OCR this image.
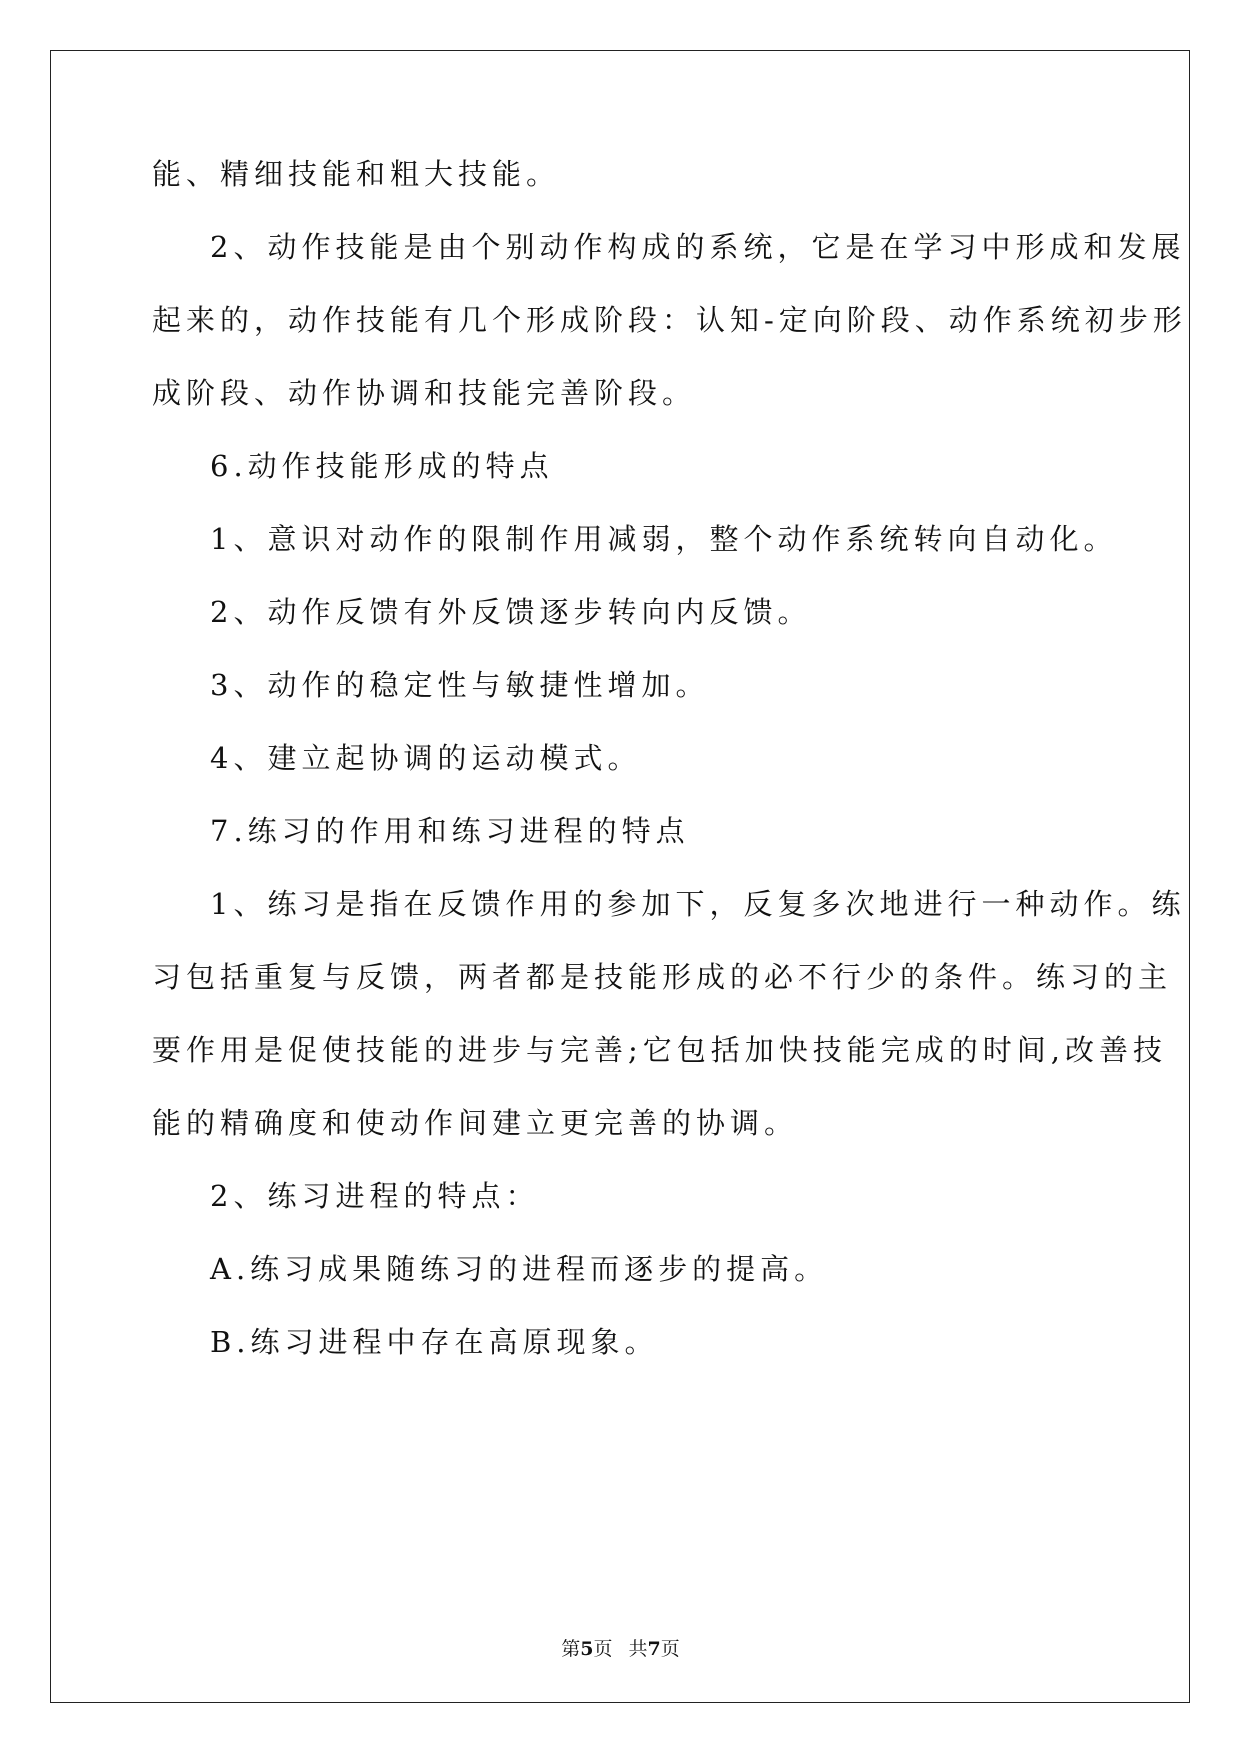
能、精细技能和粗大技能。
2、动作技能是由个别动作构成的系统，它是在学习中形成和发展
起来的，动作技能有几个形成阶段：认知-定向阶段、动作系统初步形
成阶段、动作协调和技能完善阶段。
6.动作技能形成的特点
1、意识对动作的限制作用减弱，整个动作系统转向自动化。
2、动作反馈有外反馈逐步转向内反馈。
3、动作的稳定性与敏捷性增加。
4、建立起协调的运动模式。
7.练习的作用和练习进程的特点
1、练习是指在反馈作用的参加下，反复多次地进行一种动作。练
习包括重复与反馈，两者都是技能形成的必不行少的条件。练习的主
要作用是促使技能的进步与完善;它包括加快技能完成的时间,改善技
能的精确度和使动作间建立更完善的协调。
2、练习进程的特点：
A.练习成果随练习的进程而逐步的提高。
B.练习进程中存在高原现象。
第5页 共7页
